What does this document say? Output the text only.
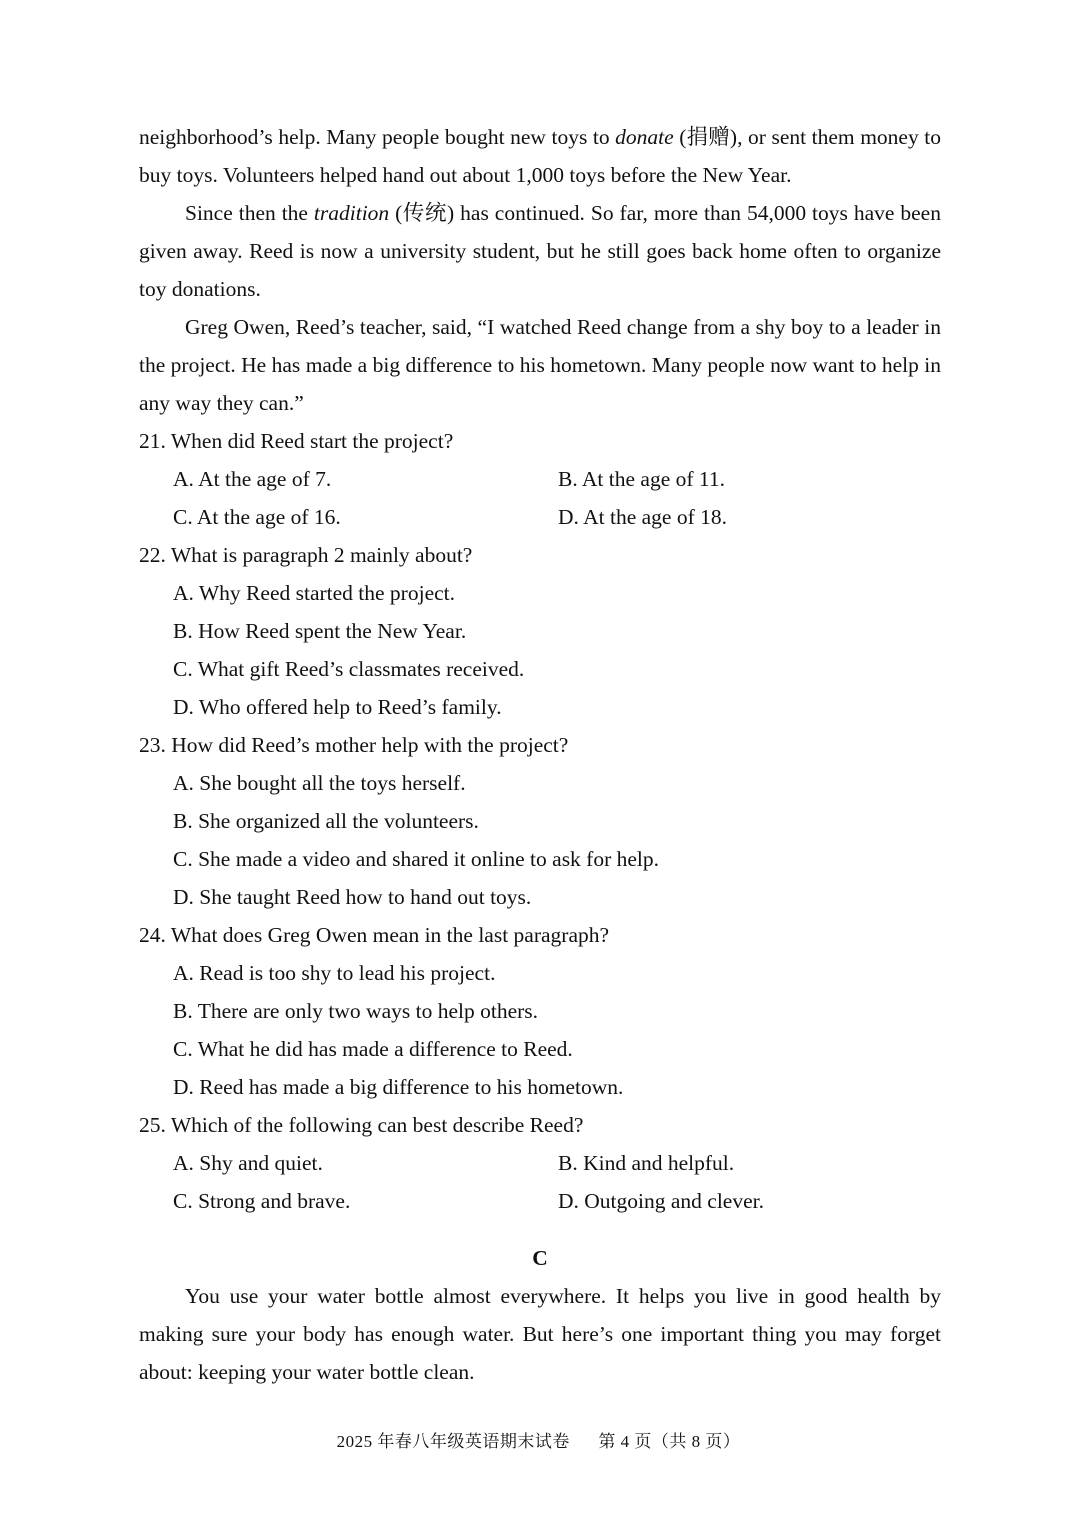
neighborhood’s help. Many people bought new toys to donate (捐赠), or sent them money to buy toys. Volunteers helped hand out about 1,000 toys before the New Year.

Since then the tradition (传统) has continued. So far, more than 54,000 toys have been given away. Reed is now a university student, but he still goes back home often to organize toy donations.

Greg Owen, Reed’s teacher, said, “I watched Reed change from a shy boy to a leader in the project. He has made a big difference to his hometown. Many people now want to help in any way they can.”

21. When did Reed start the project?

A. At the age of 7.	B. At the age of 11.
C. At the age of 16.	D. At the age of 18.

22. What is paragraph 2 mainly about?

A. Why Reed started the project.

B. How Reed spent the New Year.

C. What gift Reed’s classmates received.

D. Who offered help to Reed’s family.

23. How did Reed’s mother help with the project?

A. She bought all the toys herself.

B. She organized all the volunteers.

C. She made a video and shared it online to ask for help.

D. She taught Reed how to hand out toys.

24. What does Greg Owen mean in the last paragraph?

A. Read is too shy to lead his project.

B. There are only two ways to help others.

C. What he did has made a difference to Reed.

D. Reed has made a big difference to his hometown.

25. Which of the following can best describe Reed?

A. Shy and quiet.	B. Kind and helpful.
C. Strong and brave.	D. Outgoing and clever.

C

You use your water bottle almost everywhere. It helps you live in good health by making sure your body has enough water. But here’s one important thing you may forget about: keeping your water bottle clean.

2025 年春八年级英语期末试卷 第 4 页（共 8 页）
